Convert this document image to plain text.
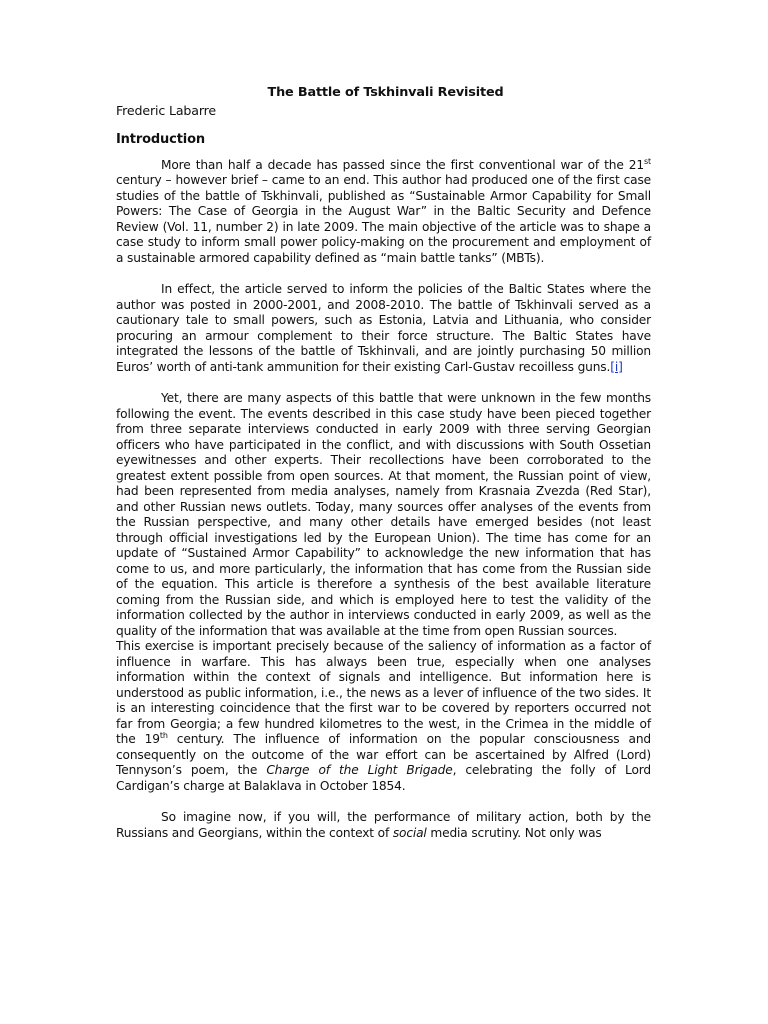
The Battle of Tskhinvali Revisited
Frederic Labarre
Introduction

More than half a decade has passed since the first conventional war of the 21st century – however brief – came to an end. This author had produced one of the first case studies of the battle of Tskhinvali, published as “Sustainable Armor Capability for Small Powers: The Case of Georgia in the August War” in the Baltic Security and Defence Review (Vol. 11, number 2) in late 2009. The main objective of the article was to shape a case study to inform small power policy-making on the procurement and employment of a sustainable armored capability defined as “main battle tanks” (MBTs).

In effect, the article served to inform the policies of the Baltic States where the author was posted in 2000-2001, and 2008-2010. The battle of Tskhinvali served as a cautionary tale to small powers, such as Estonia, Latvia and Lithuania, who consider procuring an armour complement to their force structure. The Baltic States have integrated the lessons of the battle of Tskhinvali, and are jointly purchasing 50 million Euros’ worth of anti-tank ammunition for their existing Carl-Gustav recoilless guns.[i]

Yet, there are many aspects of this battle that were unknown in the few months following the event. The events described in this case study have been pieced together from three separate interviews conducted in early 2009 with three serving Georgian officers who have participated in the conflict, and with discussions with South Ossetian eyewitnesses and other experts. Their recollections have been corroborated to the greatest extent possible from open sources. At that moment, the Russian point of view, had been represented from media analyses, namely from Krasnaia Zvezda (Red Star), and other Russian news outlets. Today, many sources offer analyses of the events from the Russian perspective, and many other details have emerged besides (not least through official investigations led by the European Union). The time has come for an update of “Sustained Armor Capability” to acknowledge the new information that has come to us, and more particularly, the information that has come from the Russian side of the equation. This article is therefore a synthesis of the best available literature coming from the Russian side, and which is employed here to test the validity of the information collected by the author in interviews conducted in early 2009, as well as the quality of the information that was available at the time from open Russian sources.

This exercise is important precisely because of the saliency of information as a factor of influence in warfare. This has always been true, especially when one analyses information within the context of signals and intelligence. But information here is understood as public information, i.e., the news as a lever of influence of the two sides. It is an interesting coincidence that the first war to be covered by reporters occurred not far from Georgia; a few hundred kilometres to the west, in the Crimea in the middle of the 19th century. The influence of information on the popular consciousness and consequently on the outcome of the war effort can be ascertained by Alfred (Lord) Tennyson’s poem, the Charge of the Light Brigade, celebrating the folly of Lord Cardigan’s charge at Balaklava in October 1854.

So imagine now, if you will, the performance of military action, both by the Russians and Georgians, within the context of social media scrutiny. Not only was
